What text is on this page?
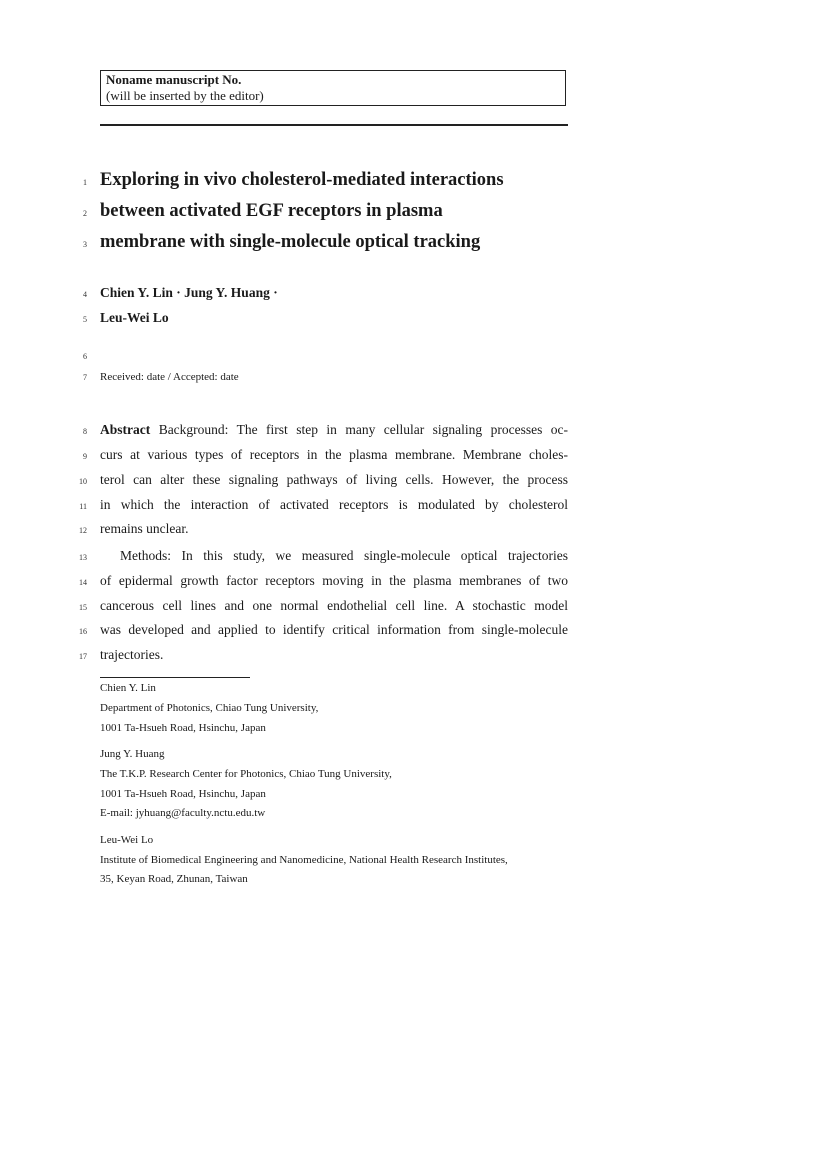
Noname manuscript No.
(will be inserted by the editor)
1
2
3
4
5
6
7
8
9
10
11
12
13
14
15
16
17
Exploring in vivo cholesterol-mediated interactions
between activated EGF receptors in plasma
membrane with single-molecule optical tracking
Chien Y. Lin · Jung Y. Huang ·
Leu-Wei Lo
Received: date / Accepted: date
Abstract Background: The first step in many cellular signaling processes oc-
curs at various types of receptors in the plasma membrane. Membrane choles-
terol can alter these signaling pathways of living cells. However, the process
in which the interaction of activated receptors is modulated by cholesterol
remains unclear.
Methods: In this study, we measured single-molecule optical trajectories
of epidermal growth factor receptors moving in the plasma membranes of two
cancerous cell lines and one normal endothelial cell line. A stochastic model
was developed and applied to identify critical information from single-molecule
trajectories.
Chien Y. Lin
Department of Photonics, Chiao Tung University,
1001 Ta-Hsueh Road, Hsinchu, Japan
Jung Y. Huang
The T.K.P. Research Center for Photonics, Chiao Tung University,
1001 Ta-Hsueh Road, Hsinchu, Japan
E-mail: jyhuang@faculty.nctu.edu.tw
Leu-Wei Lo
Institute of Biomedical Engineering and Nanomedicine, National Health Research Institutes,
35, Keyan Road, Zhunan, Taiwan
